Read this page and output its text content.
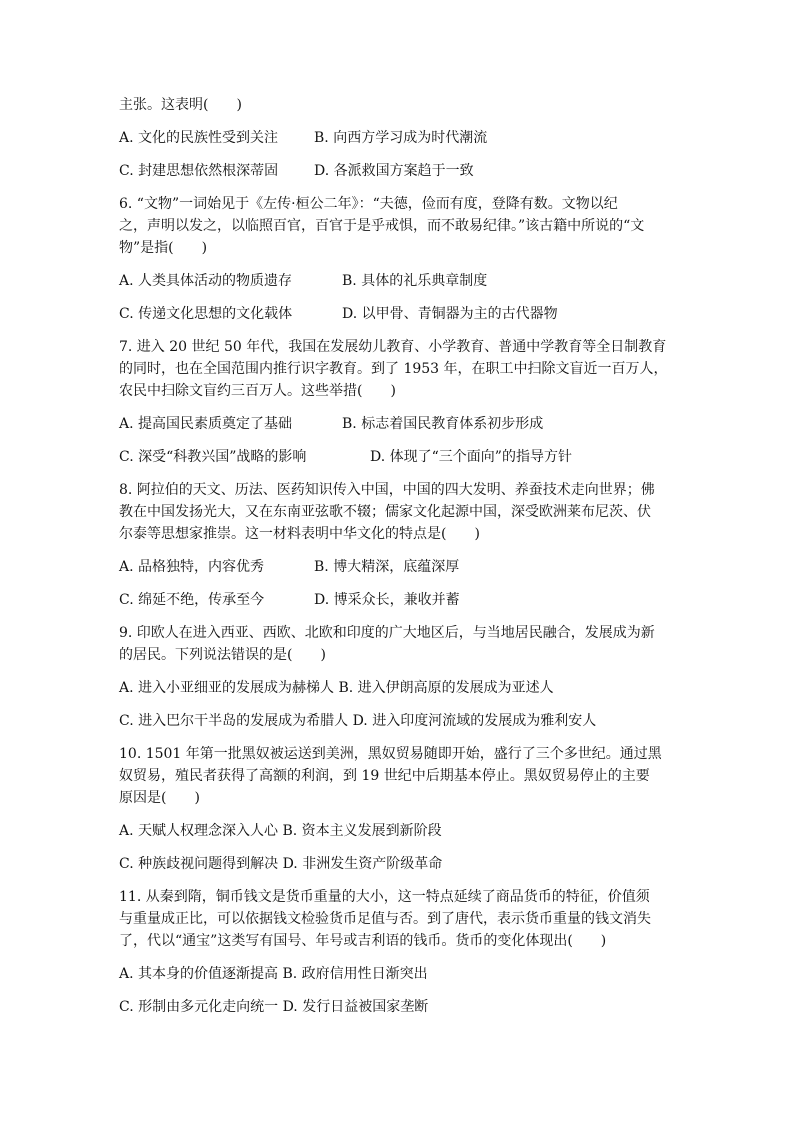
主张。这表明(　　)

A. 文化的民族性受到关注	B. 向西方学习成为时代潮流
C. 封建思想依然根深蒂固	D. 各派救国方案趋于一致

6. “文物”一词始见于《左传·桓公二年》：“夫德，俭而有度，登降有数。文物以纪

之，声明以发之，以临照百官，百官于是乎戒惧，而不敢易纪律。”该古籍中所说的“文

物”是指(　　)

A. 人类具体活动的物质遗存	B. 具体的礼乐典章制度
C. 传递文化思想的文化载体	D. 以甲骨、青铜器为主的古代器物

7. 进入 20 世纪 50 年代，我国在发展幼儿教育、小学教育、普通中学教育等全日制教育

的同时，也在全国范围内推行识字教育。到了 1953 年，在职工中扫除文盲近一百万人，

农民中扫除文盲约三百万人。这些举措(　　)

A. 提高国民素质奠定了基础	B. 标志着国民教育体系初步形成
C. 深受“科教兴国”战略的影响	D. 体现了“三个面向”的指导方针

8. 阿拉伯的天文、历法、医药知识传入中国，中国的四大发明、养蚕技术走向世界；佛

教在中国发扬光大，又在东南亚弦歌不辍；儒家文化起源中国，深受欧洲莱布尼茨、伏

尔泰等思想家推崇。这一材料表明中华文化的特点是(　　)

A. 品格独特，内容优秀	B. 博大精深，底蕴深厚
C. 绵延不绝，传承至今	D. 博采众长，兼收并蓄

9. 印欧人在进入西亚、西欧、北欧和印度的广大地区后，与当地居民融合，发展成为新

的居民。下列说法错误的是(　　)

A. 进入小亚细亚的发展成为赫梯人 B. 进入伊朗高原的发展成为亚述人
C. 进入巴尔干半岛的发展成为希腊人 D. 进入印度河流域的发展成为雅利安人

10. 1501 年第一批黑奴被运送到美洲，黑奴贸易随即开始，盛行了三个多世纪。通过黑

奴贸易，殖民者获得了高额的利润，到 19 世纪中后期基本停止。黑奴贸易停止的主要

原因是(　　)

A. 天赋人权理念深入人心 B. 资本主义发展到新阶段
C. 种族歧视问题得到解决 D. 非洲发生资产阶级革命

11. 从秦到隋，铜币钱文是货币重量的大小，这一特点延续了商品货币的特征，价值须

与重量成正比，可以依据钱文检验货币足值与否。到了唐代，表示货币重量的钱文消失

了，代以“通宝”这类写有国号、年号或吉利语的钱币。货币的变化体现出(　　)

A. 其本身的价值逐渐提高 B. 政府信用性日渐突出
C. 形制由多元化走向统一 D. 发行日益被国家垄断
